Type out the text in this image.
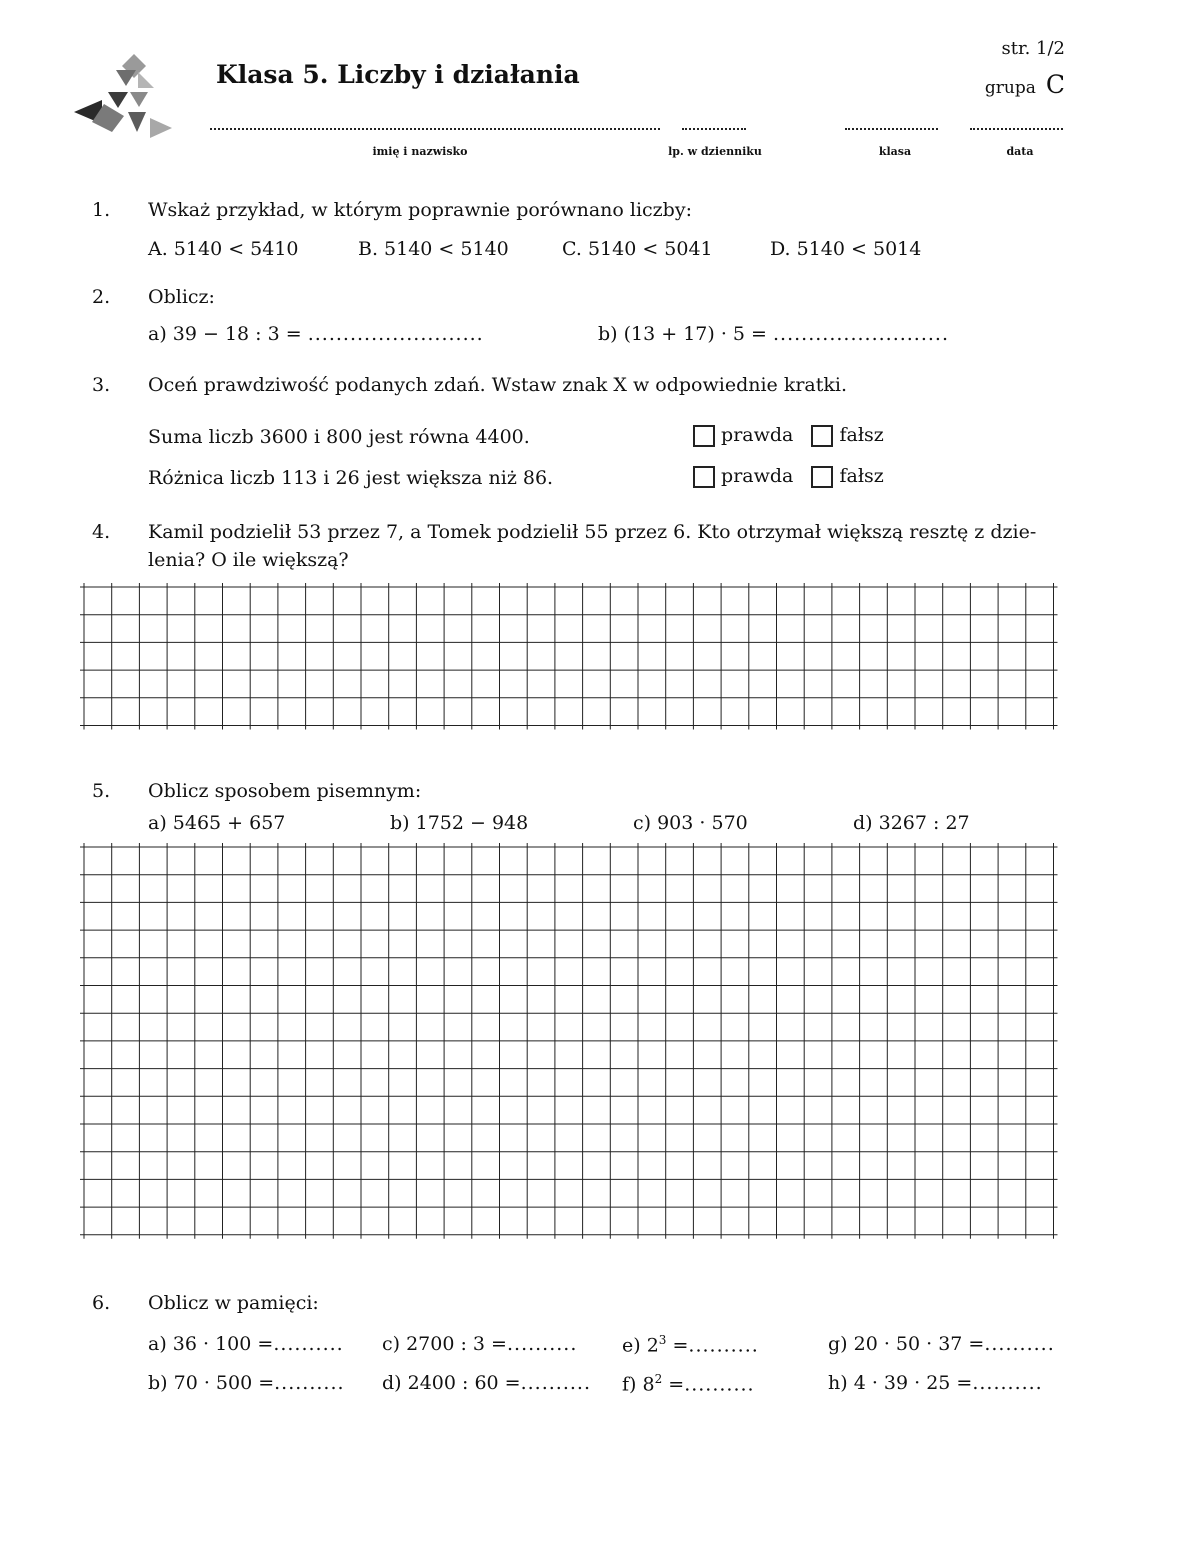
Klasa 5. Liczby i działania
str. 1/2
grupa C
imię i nazwisko	lp. w dzienniku	klasa	data
1. Wskaż przykład, w którym poprawnie porównano liczby:
A. 5140 < 5410	B. 5140 < 5140	C. 5140 < 5041	D. 5140 < 5014
2. Oblicz:
a) 39 − 18 : 3 = .........................	b) (13 + 17) · 5 = .........................
3. Oceń prawdziwość podanych zdań. Wstaw znak X w odpowiednie kratki.
Suma liczb 3600 i 800 jest równa 4400.	prawda fałsz
Różnica liczb 113 i 26 jest większa niż 86.	prawda fałsz
4. Kamil podzielił 53 przez 7, a Tomek podzielił 55 przez 6. Kto otrzymał większą resztę z dzie-
lenia? O ile większą?
5. Oblicz sposobem pisemnym:
a) 5465 + 657	b) 1752 − 948	c) 903 · 570	d) 3267 : 27
6. Oblicz w pamięci:
a) 36 · 100 =.......... c) 2700 : 3 =.......... e) $2^3$ =..........	g) 20 · 50 · 37 =..........
b) 70 · 500 =.......... d) 2400 : 60 =.......... f) $8^2$ =..........	h) 4 · 39 · 25 =..........
